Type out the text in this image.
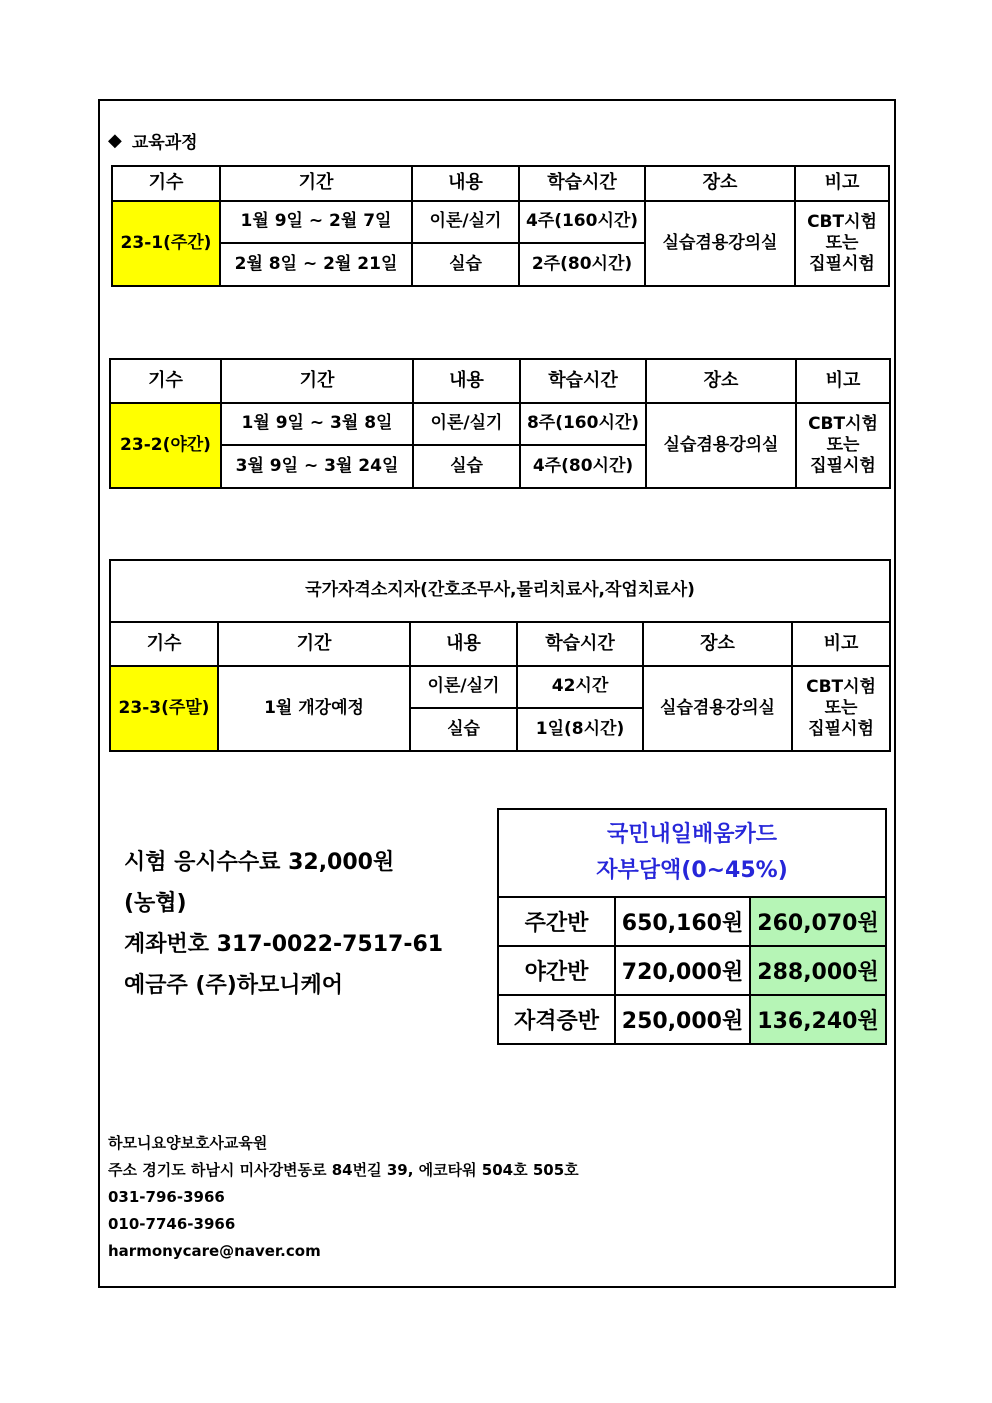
◆ 교육과정
기수	기간	내용	학습시간	장소	비고
23-1(주간)	1월 9일 ~ 2월 7일	이론/실기	4주(160시간)	실습겸용강의실	CBT시험
또는
집필시험

	2월 8일 ~ 2월 21일	실습	2주(80시간)		
기수	기간	내용	학습시간	장소	비고
23-2(야간)	1월 9일 ~ 3월 8일	이론/실기	8주(160시간)	실습겸용강의실	CBT시험
또는
집필시험

	3월 9일 ~ 3월 24일	실습	4주(80시간)		
국가자격소지자(간호조무사,물리치료사,작업치료사)					
기수	기간	내용	학습시간	장소	비고
23-3(주말)	1월 개강예정	이론/실기	42시간	실습겸용강의실	CBT시험
또는
집필시험

		실습	1일(8시간)		
시험 응시수수료 32,000원
(농협)
계좌번호 317-0022-7517-61
예금주 (주)하모니케어
국민내일배움카드
자부담액(0~45%)		

주간반	650,160원	260,070원
야간반	720,000원	288,000원
자격증반	250,000원	136,240원
하모니요양보호사교육원
주소 경기도 하남시 미사강변동로 84번길 39, 에코타워 504호 505호
031-796-3966
010-7746-3966
harmonycare@naver.com
